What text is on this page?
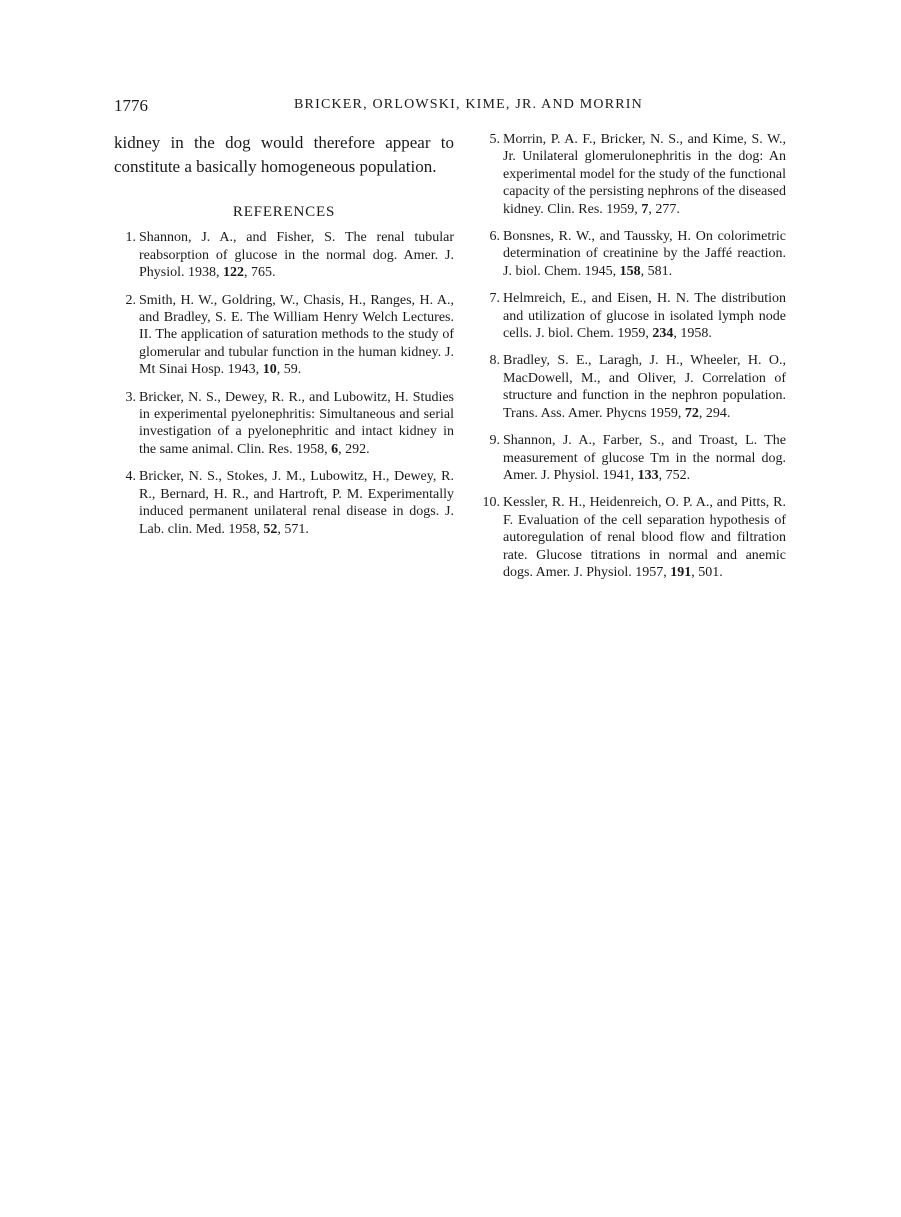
1776	BRICKER, ORLOWSKI, KIME, JR. AND MORRIN

kidney in the dog would therefore appear to constitute a basically homogeneous population.

REFERENCES
1. Shannon, J. A., and Fisher, S. The renal tubular reabsorption of glucose in the normal dog. Amer. J. Physiol. 1938, 122, 765.
2. Smith, H. W., Goldring, W., Chasis, H., Ranges, H. A., and Bradley, S. E. The William Henry Welch Lectures. II. The application of saturation methods to the study of glomerular and tubular function in the human kidney. J. Mt Sinai Hosp. 1943, 10, 59.
3. Bricker, N. S., Dewey, R. R., and Lubowitz, H. Studies in experimental pyelonephritis: Simultaneous and serial investigation of a pyelonephritic and intact kidney in the same animal. Clin. Res. 1958, 6, 292.
4. Bricker, N. S., Stokes, J. M., Lubowitz, H., Dewey, R. R., Bernard, H. R., and Hartroft, P. M. Experimentally induced permanent unilateral renal disease in dogs. J. Lab. clin. Med. 1958, 52, 571.
5. Morrin, P. A. F., Bricker, N. S., and Kime, S. W., Jr. Unilateral glomerulonephritis in the dog: An experimental model for the study of the functional capacity of the persisting nephrons of the diseased kidney. Clin. Res. 1959, 7, 277.
6. Bonsnes, R. W., and Taussky, H. On colorimetric determination of creatinine by the Jaffé reaction. J. biol. Chem. 1945, 158, 581.
7. Helmreich, E., and Eisen, H. N. The distribution and utilization of glucose in isolated lymph node cells. J. biol. Chem. 1959, 234, 1958.
8. Bradley, S. E., Laragh, J. H., Wheeler, H. O., MacDowell, M., and Oliver, J. Correlation of structure and function in the nephron population. Trans. Ass. Amer. Phycns 1959, 72, 294.
9. Shannon, J. A., Farber, S., and Troast, L. The measurement of glucose Tm in the normal dog. Amer. J. Physiol. 1941, 133, 752.
10. Kessler, R. H., Heidenreich, O. P. A., and Pitts, R. F. Evaluation of the cell separation hypothesis of autoregulation of renal blood flow and filtration rate. Glucose titrations in normal and anemic dogs. Amer. J. Physiol. 1957, 191, 501.
